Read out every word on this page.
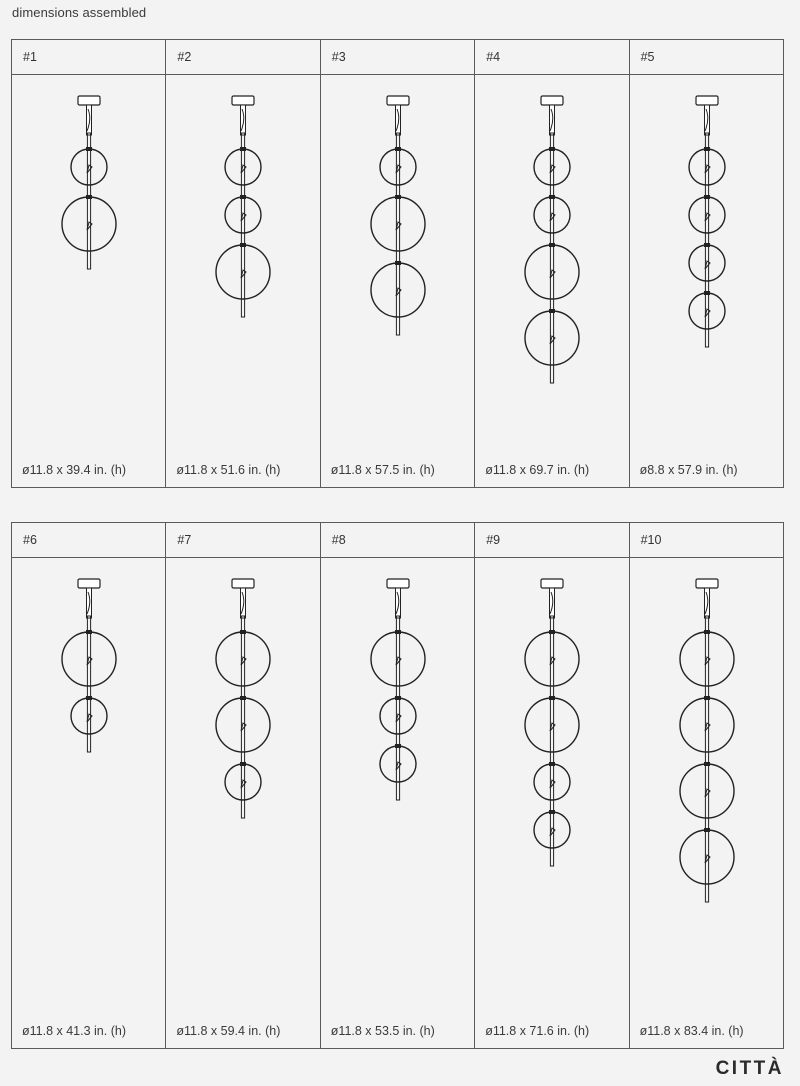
dimensions assembled
#1
ø11.8 x 39.4 in. (h)
#2
ø11.8 x 51.6 in. (h)
#3
ø11.8 x 57.5 in. (h)
#4
ø11.8 x 69.7 in. (h)
#5
ø8.8 x 57.9 in. (h)
#6
ø11.8 x 41.3 in. (h)
#7
ø11.8 x 59.4 in. (h)
#8
ø11.8 x 53.5 in. (h)
#9
ø11.8 x 71.6 in. (h)
#10
ø11.8 x 83.4 in. (h)
CITTÀ
